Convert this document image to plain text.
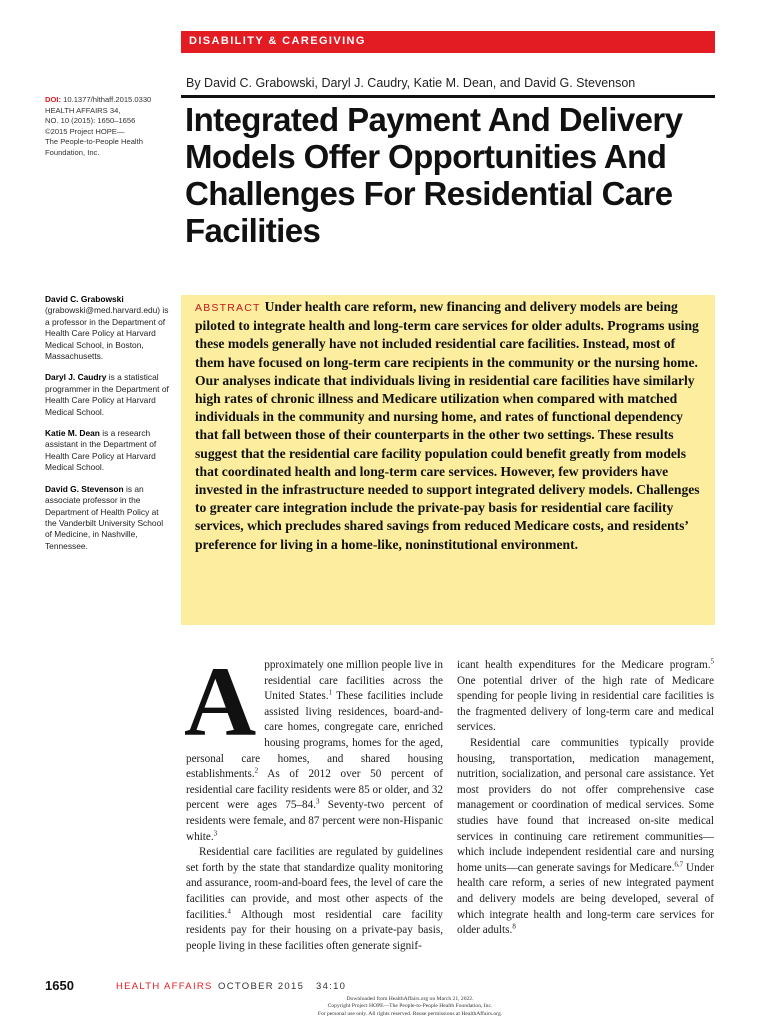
DISABILITY & CAREGIVING
By David C. Grabowski, Daryl J. Caudry, Katie M. Dean, and David G. Stevenson
Integrated Payment And Delivery Models Offer Opportunities And Challenges For Residential Care Facilities
DOI: 10.1377/hlthaff.2015.0330
HEALTH AFFAIRS 34,
NO. 10 (2015): 1650–1656
©2015 Project HOPE—
The People-to-People Health Foundation, Inc.
David C. Grabowski
(grabowski@med.harvard.edu) is a professor in the Department of Health Care Policy at Harvard Medical School, in Boston, Massachusetts.
Daryl J. Caudry is a statistical programmer in the Department of Health Care Policy at Harvard Medical School.
Katie M. Dean is a research assistant in the Department of Health Care Policy at Harvard Medical School.
David G. Stevenson is an associate professor in the Department of Health Policy at the Vanderbilt University School of Medicine, in Nashville, Tennessee.

ABSTRACT Under health care reform, new financing and delivery models are being piloted to integrate health and long-term care services for older adults. Programs using these models generally have not included residential care facilities. Instead, most of them have focused on long-term care recipients in the community or the nursing home. Our analyses indicate that individuals living in residential care facilities have similarly high rates of chronic illness and Medicare utilization when compared with matched individuals in the community and nursing home, and rates of functional dependency that fall between those of their counterparts in the other two settings. These results suggest that the residential care facility population could benefit greatly from models that coordinated health and long-term care services. However, few providers have invested in the infrastructure needed to support integrated delivery models. Challenges to greater care integration include the private-pay basis for residential care facility services, which precludes shared savings from reduced Medicare costs, and residents’ preference for living in a home-like, noninstitutional environment.

A pproximately one million people live in residential care facilities across the United States.$^1$ These facilities include assisted living residences, board-and-care homes, congregate care, enriched housing programs, homes for the aged, personal care homes, and shared housing establishments.$^2$ As of 2012 over 50 percent of residential care facility residents were 85 or older, and 32 percent were ages 75–84.$^3$ Seventy-two percent of residents were female, and 87 percent were non-Hispanic white.$^3$

Residential care facilities are regulated by guidelines set forth by the state that standardize quality monitoring and assurance, room-and-board fees, the level of care the facilities can provide, and most other aspects of the facilities.$^4$ Although most residential care facility residents pay for their housing on a private-pay basis, people living in these facilities often generate signif-

icant health expenditures for the Medicare program.$^5$ One potential driver of the high rate of Medicare spending for people living in residential care facilities is the fragmented delivery of long-term care and medical services.

Residential care communities typically provide housing, transportation, medication management, nutrition, socialization, and personal care assistance. Yet most providers do not offer comprehensive case management or coordination of medical services. Some studies have found that increased on-site medical services in continuing care retirement communities—which include independent residential care and nursing home units—can generate savings for Medicare.$^{6,7}$ Under health care reform, a series of new integrated payment and delivery models are being developed, several of which integrate health and long-term care services for older adults.$^8$

1650	HEALTH AFFAIRS OCTOBER 2015   34:10
Downloaded from HealthAffairs.org on March 21, 2022.
Copyright Project HOPE—The People-to-People Health Foundation, Inc.
For personal use only. All rights reserved. Reuse permissions at HealthAffairs.org.
